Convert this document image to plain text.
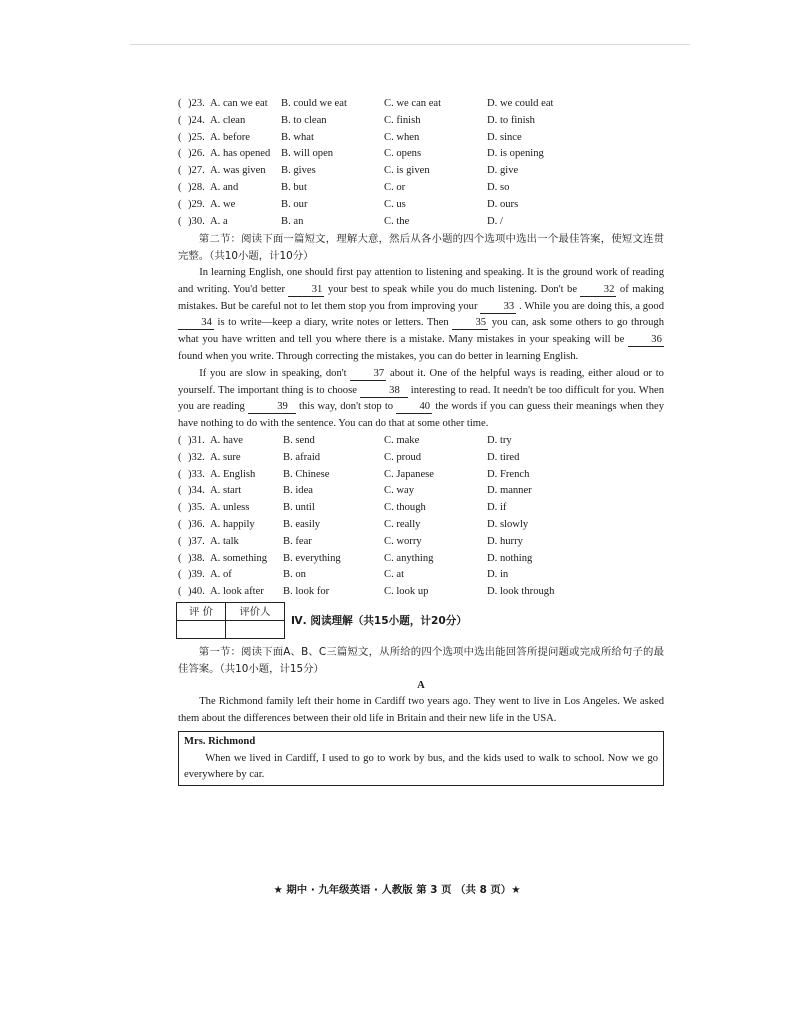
( )23. A. can we eat	B. could we eat	C. we can eat	D. we could eat
( )24. A. clean	B. to clean	C. finish	D. to finish
( )25. A. before	B. what	C. when	D. since
( )26. A. has opened	B. will open	C. opens	D. is opening
( )27. A. was given	B. gives	C. is given	D. give
( )28. A. and	B. but	C. or	D. so
( )29. A. we	B. our	C. us	D. ours
( )30. A. a	B. an	C. the	D. /

第二节：阅读下面一篇短文，理解大意，然后从各小题的四个选项中选出一个最佳答案，使短文连贯完整。（共10小题，计10分）

In learning English, one should first pay attention to listening and speaking. It is the ground work of reading and writing. You'd better 31 your best to speak while you do much listening. Don't be 32 of making mistakes. But be careful not to let them stop you from improving your 33 . While you are doing this, a good 34 is to write—keep a diary, write notes or letters. Then 35 you can, ask some others to go through what you have written and tell you where there is a mistake. Many mistakes in your speaking will be 36 found when you write. Through correcting the mistakes, you can do better in learning English.

If you are slow in speaking, don't 37 about it. One of the helpful ways is reading, either aloud or to yourself. The important thing is to choose	38 interesting to read. It needn't be too difficult for you. When you are reading	39 this way, don't stop to 40 the words if you can guess their meanings when they have nothing to do with the sentence. You can do that at some other time.

( )31. A. have	B. send	C. make	D. try
( )32. A. sure	B. afraid	C. proud	D. tired
( )33. A. English	B. Chinese	C. Japanese	D. French
( )34. A. start	B. idea	C. way	D. manner
( )35. A. unless	B. until	C. though	D. if
( )36. A. happily	B. easily	C. really	D. slowly
( )37. A. talk	B. fear	C. worry	D. hurry
( )38. A. something	B. everything	C. anything	D. nothing
( )39. A. of	B. on	C. at	D. in
( )40. A. look after	B. look for	C. look up	D. look through
评 价	评价人

Ⅳ. 阅读理解（共15小题，计20分）

第一节：阅读下面A、B、C三篇短文，从所给的四个选项中选出能回答所提问题或完成所给句子的最佳答案。（共10小题，计15分）

A

The Richmond family left their home in Cardiff two years ago. They went to live in Los Angeles. We asked them about the differences between their old life in Britain and their new life in the USA.

Mrs. Richmond

When we lived in Cardiff, I used to go to work by bus, and the kids used to walk to school. Now we go everywhere by car.

★ 期中 · 九年级英语 · 人教版 第 3 页 （共 8 页）★
